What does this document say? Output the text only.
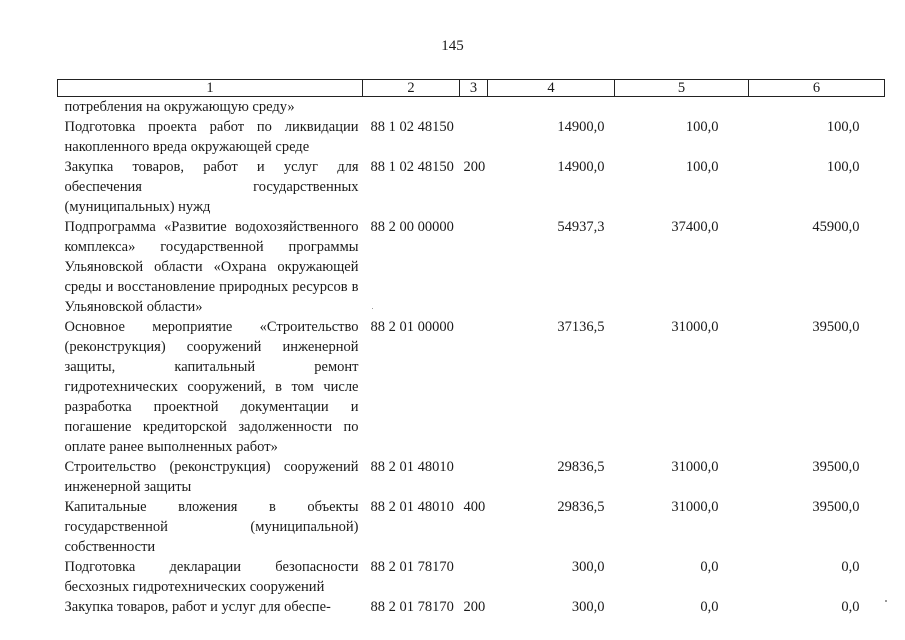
145
1	2	3	4	5	6
потребления на окружающую среду»					
Подготовка проекта работ по ликвидации накопленного вреда окружающей среде	88 1 02 48150		14900,0	100,0	100,0
Закупка товаров, работ и услуг для обеспечения государственных (муниципальных) нужд	88 1 02 48150	200	14900,0	100,0	100,0
Подпрограмма «Развитие водохозяйственного комплекса» государственной программы Ульяновской области «Охрана окружающей среды и восстановление природных ресурсов в Ульяновской области»	88 2 00 00000		54937,3	37400,0	45900,0
Основное мероприятие «Строительство (реконструкция) сооружений инженерной защиты, капитальный ремонт гидротехнических сооружений, в том числе разработка проектной документации и погашение кредиторской задолженности по оплате ранее выполненных работ»	88 2 01 00000		37136,5	31000,0	39500,0
Строительство (реконструкция) сооружений инженерной защиты	88 2 01 48010		29836,5	31000,0	39500,0
Капитальные вложения в объекты государственной (муниципальной) собственности	88 2 01 48010	400	29836,5	31000,0	39500,0
Подготовка декларации безопасности бесхозных гидротехнических сооружений	88 2 01 78170		300,0	0,0	0,0
Закупка товаров, работ и услуг для обеспе-	88 2 01 78170	200	300,0	0,0	0,0
